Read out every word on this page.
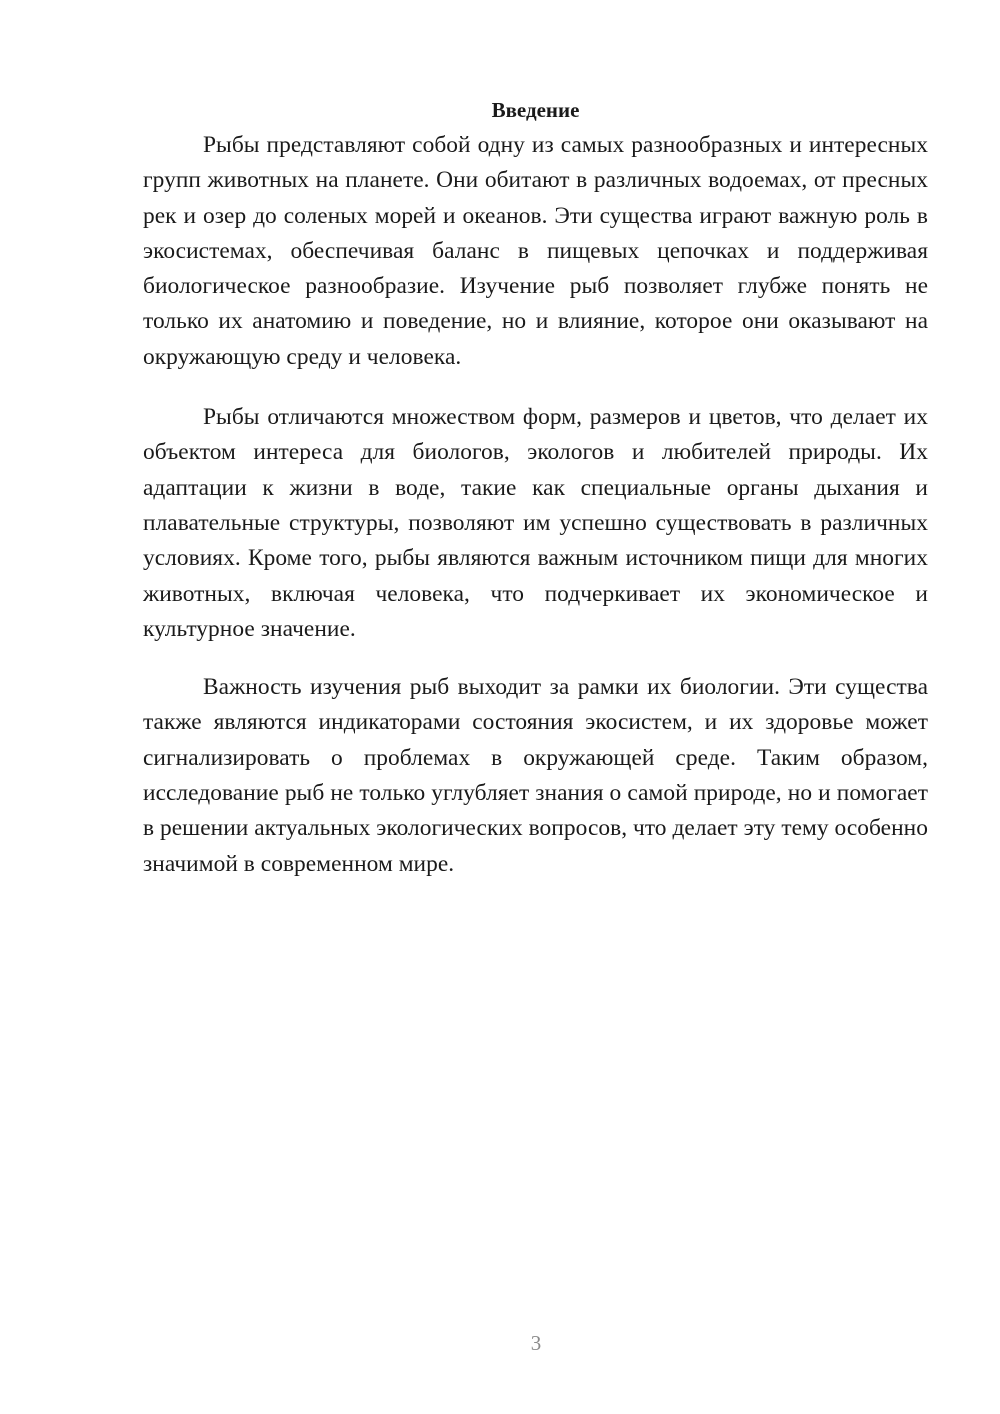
Введение

Рыбы представляют собой одну из самых разнообразных и интересных групп животных на планете. Они обитают в различных водоемах, от пресных рек и озер до соленых морей и океанов. Эти существа играют важную роль в экосистемах, обеспечивая баланс в пищевых цепочках и поддерживая биологическое разнообразие. Изучение рыб позволяет глубже понять не только их анатомию и поведение, но и влияние, которое они оказывают на окружающую среду и человека.

Рыбы отличаются множеством форм, размеров и цветов, что делает их объектом интереса для биологов, экологов и любителей природы. Их адаптации к жизни в воде, такие как специальные органы дыхания и плавательные структуры, позволяют им успешно существовать в различных условиях. Кроме того, рыбы являются важным источником пищи для многих животных, включая человека, что подчеркивает их экономическое и культурное значение.

Важность изучения рыб выходит за рамки их биологии. Эти существа также являются индикаторами состояния экосистем, и их здоровье может сигнализировать о проблемах в окружающей среде. Таким образом, исследование рыб не только углубляет знания о самой природе, но и помогает в решении актуальных экологических вопросов, что делает эту тему особенно значимой в современном мире.

3
